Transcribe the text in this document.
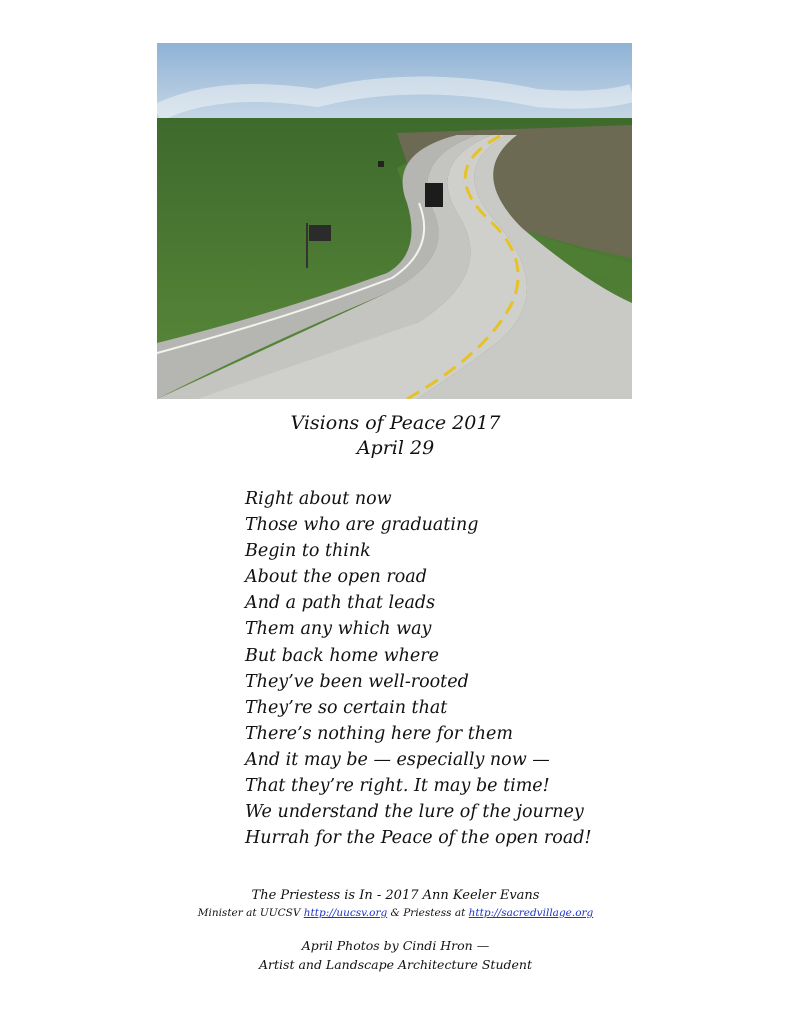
Visions of Peace 2017
April 29
Right about now
Those who are graduating
Begin to think
About the open road
And a path that leads
Them any which way
But back home where
They’ve been well-rooted
They’re so certain that
There’s nothing here for them
And it may be — especially now —
That they’re right. It may be time!
We understand the lure of the journey
Hurrah for the Peace of the open road!
The Priestess is In - 2017 Ann Keeler Evans
Minister at UUCSV http://uucsv.org & Priestess at http://sacredvillage.org
April Photos by Cindi Hron —
Artist and Landscape Architecture Student
